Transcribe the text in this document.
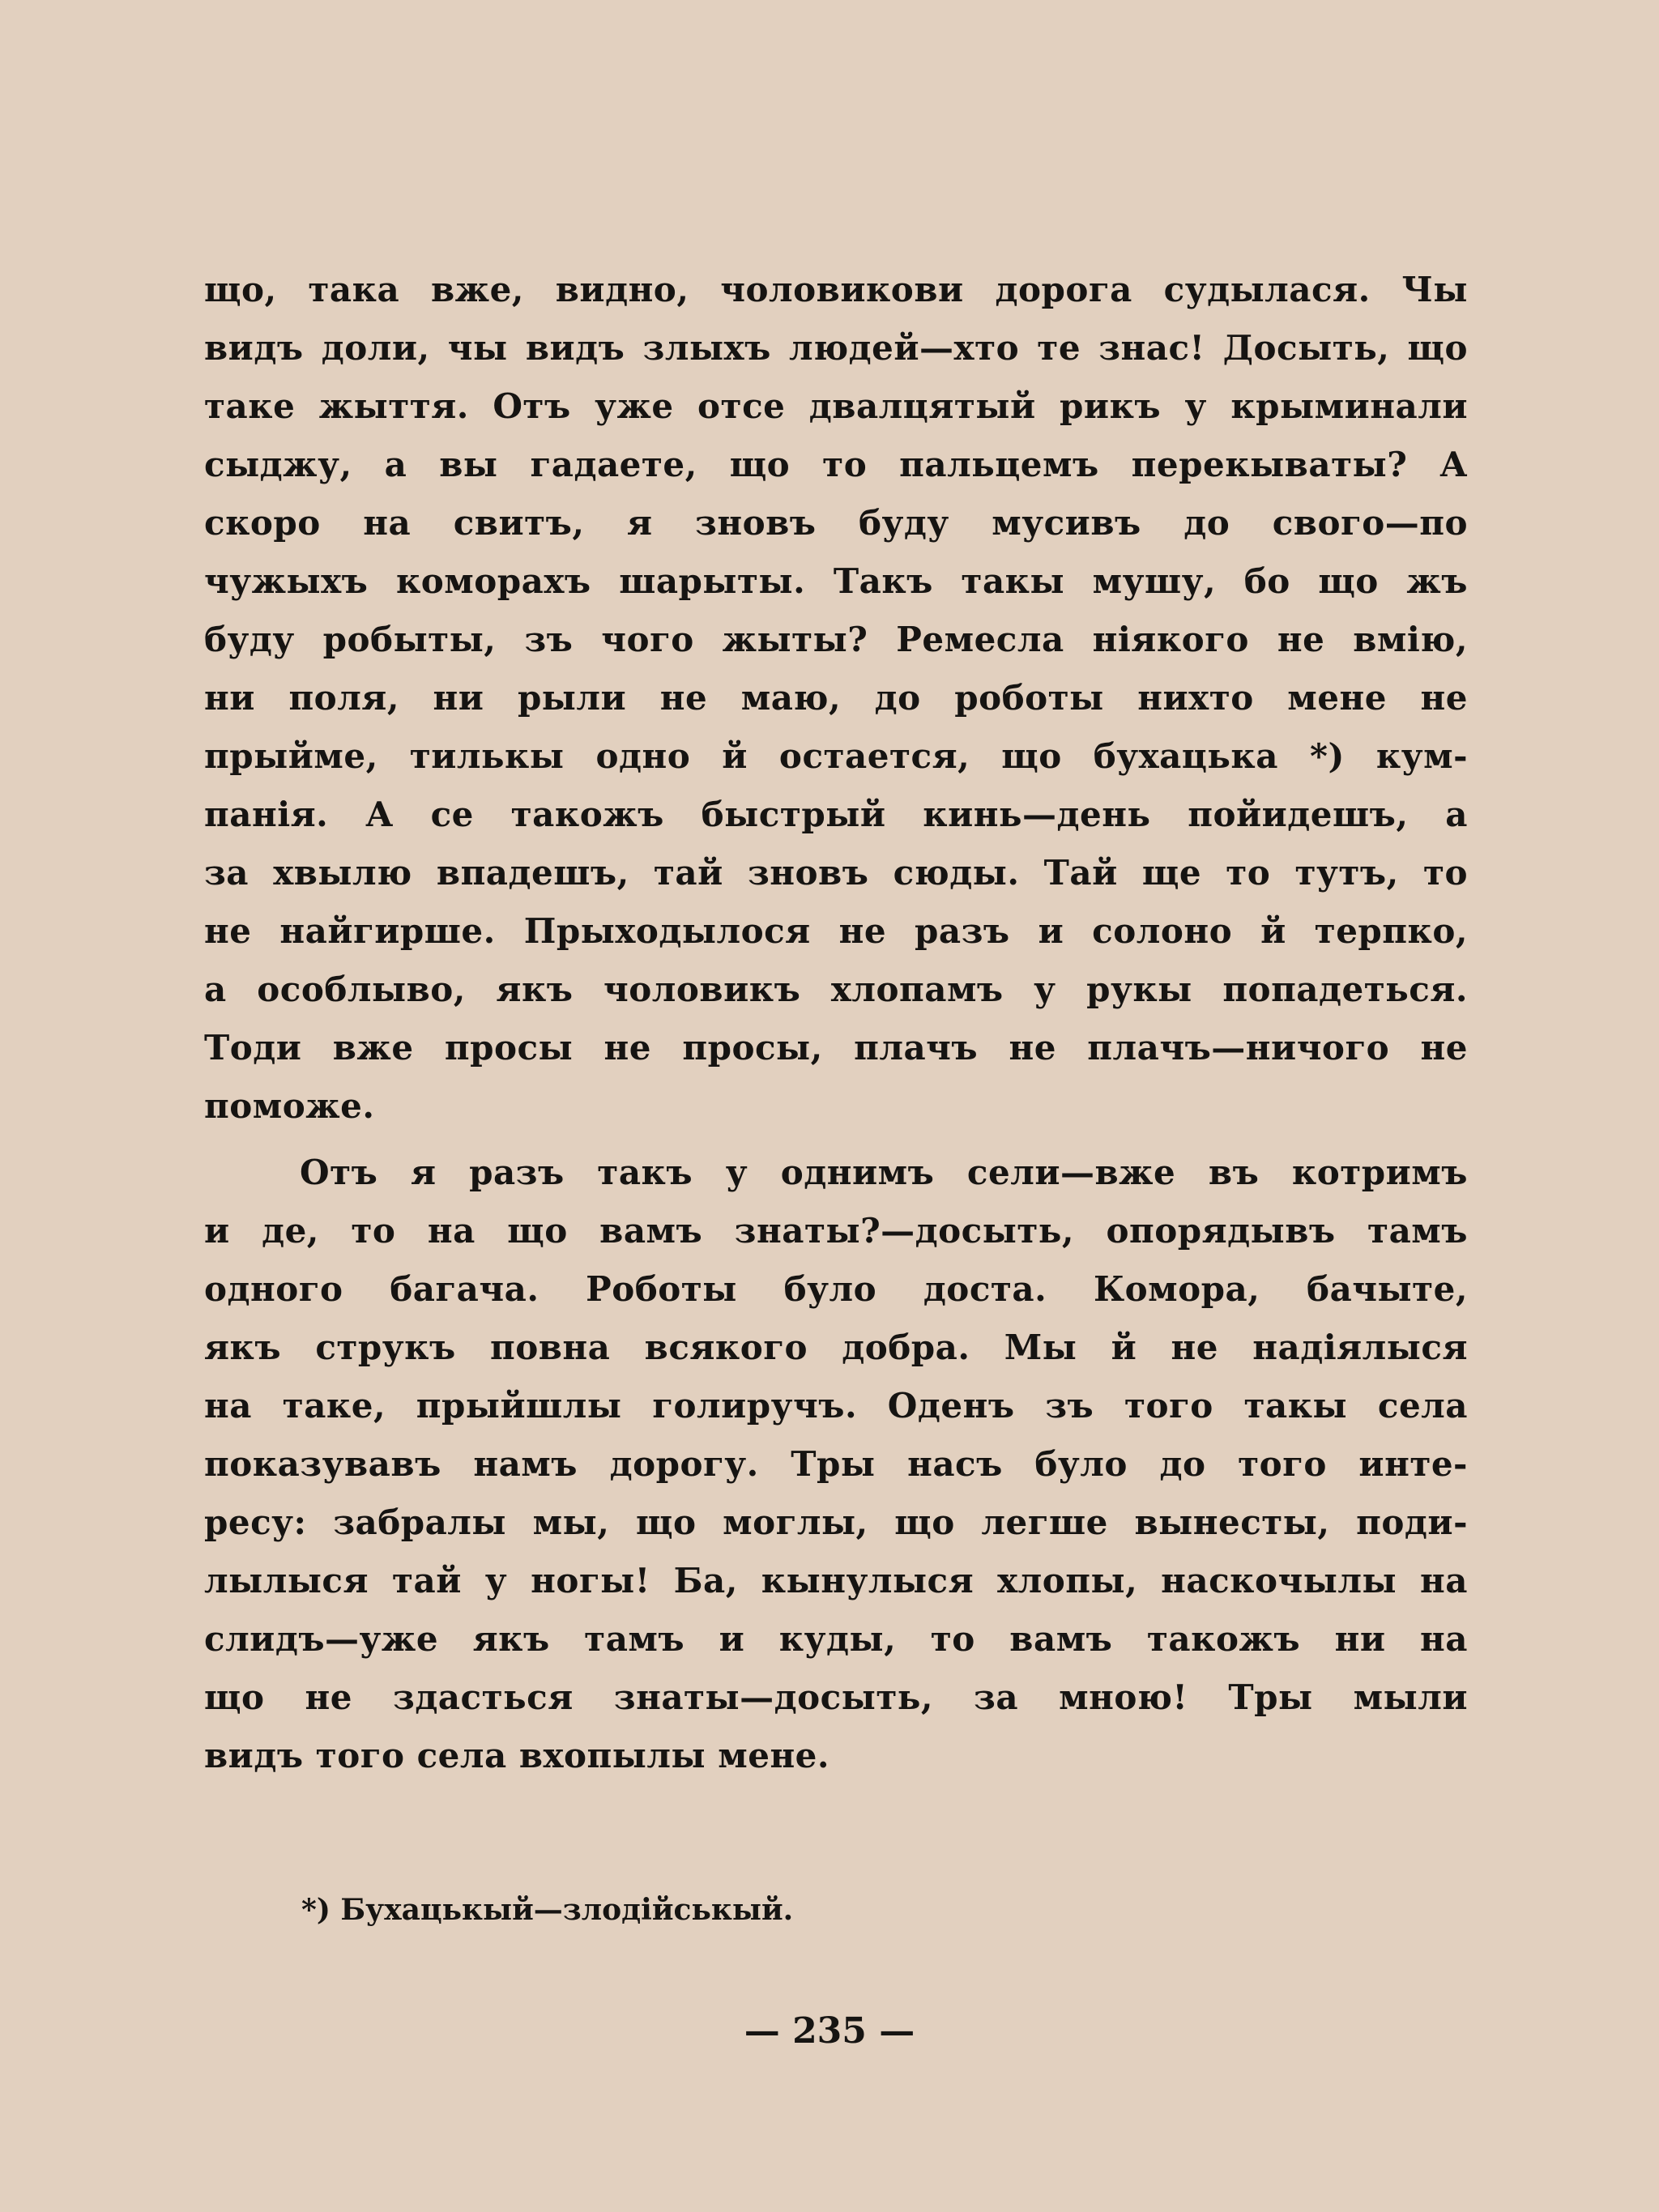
що, така вже, видно, чоловикови дорога судылася. Чы
видъ доли, чы видъ злыхъ людей—хто те знас! Досыть, що
таке жыття. Отъ уже отсе двалцятый рикъ у крыминали
сыджу, а вы гадаете, що то пальцемъ перекываты? А
скоро на свитъ, я зновъ буду мусивъ до свого—по
чужыхъ коморахъ шарыты. Такъ такы мушу, бо що жъ
буду робыты, зъ чого жыты? Ремесла нiякого не вмiю,
ни поля, ни рыли не маю, до роботы нихто мене не
прыйме, тилькы одно й остается, що бухацька *) кум-
панiя. А се такожъ быстрый кинь—день пойидешъ, а
за хвылю впадешъ, тай зновъ сюды. Тай ще то тутъ, то
не найгирше. Прыходылося не разъ и солоно й терпко,
а особлыво, якъ чоловикъ хлопамъ у рукы попадеться.
Тоди вже просы не просы, плачъ не плачъ—ничого не
поможе.
Отъ я разъ такъ у однимъ сели—вже въ котримъ
и де, то на що вамъ знаты?—досыть, опорядывъ тамъ
одного багача. Роботы було доста. Комора, бачыте,
якъ струкъ повна всякого добра. Мы й не надiялыся
на таке, прыйшлы голиручъ. Оденъ зъ того такы села
показувавъ намъ дорогу. Тры насъ було до того инте-
ресу: забралы мы, що моглы, що легше вынесты, поди-
лылыся тай у ногы! Ба, кынулыся хлопы, наскочылы на
слидъ—уже якъ тамъ и куды, то вамъ такожъ ни на
що не здасться знаты—досыть, за мною! Тры мыли
видъ того села вхопылы мене.
*) Бухацькый—злодiйськый.
— 235 —
